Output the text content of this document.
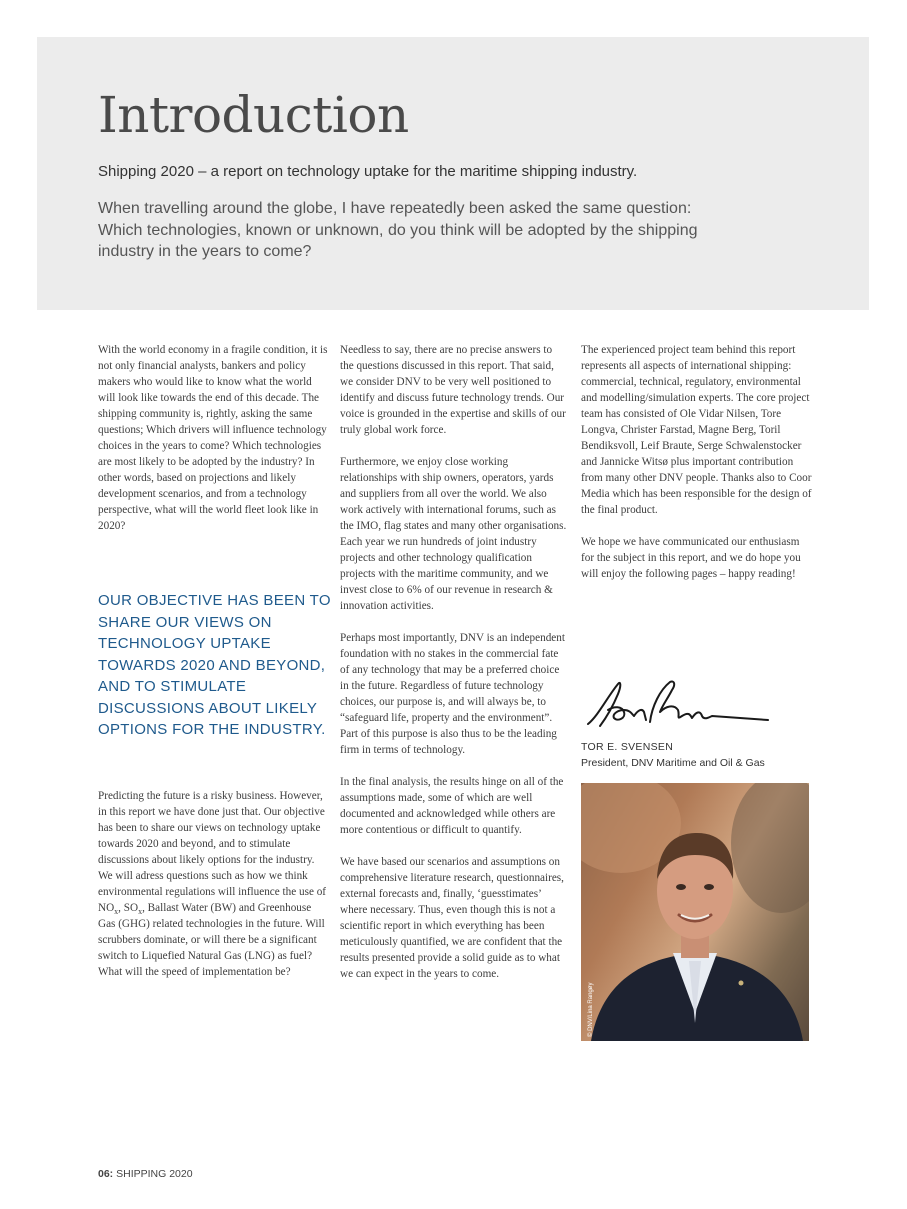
Introduction

Shipping 2020 – a report on technology uptake for the maritime shipping industry.

When travelling around the globe, I have repeatedly been asked the same question: Which technologies, known or unknown, do you think will be adopted by the shipping industry in the years to come?

With the world economy in a fragile condition, it is not only financial analysts, bankers and policy makers who would like to know what the world will look like towards the end of this decade. The shipping community is, rightly, asking the same questions; Which drivers will influence technology choices in the years to come? Which technologies are most likely to be adopted by the industry? In other words, based on projections and likely development scenarios, and from a technology perspective, what will the world fleet look like in 2020?

OUR OBJECTIVE HAS BEEN TO SHARE OUR VIEWS ON TECHNOLOGY UPTAKE TOWARDS 2020 AND BEYOND, AND TO STIMULATE DISCUSSIONS ABOUT LIKELY OPTIONS FOR THE INDUSTRY.

Predicting the future is a risky business. However, in this report we have done just that. Our objective has been to share our views on technology uptake towards 2020 and beyond, and to stimulate discussions about likely options for the industry. We will adress questions such as how we think environmental regulations will influence the use of $NO_x$, $SO_x$, Ballast Water (BW) and Greenhouse Gas (GHG) related technologies in the future. Will scrubbers dominate, or will there be a significant switch to Liquefied Natural Gas (LNG) as fuel? What will the speed of implementation be?

Needless to say, there are no precise answers to the questions discussed in this report. That said, we consider DNV to be very well positioned to identify and discuss future technology trends. Our voice is grounded in the expertise and skills of our truly global work force.

Furthermore, we enjoy close working relationships with ship owners, operators, yards and suppliers from all over the world. We also work actively with international forums, such as the IMO, flag states and many other organisations. Each year we run hundreds of joint industry projects and other technology qualification projects with the maritime community, and we invest close to 6% of our revenue in research & innovation activities.

Perhaps most importantly, DNV is an independent foundation with no stakes in the commercial fate of any technology that may be a preferred choice in the future. Regardless of future technology choices, our purpose is, and will always be, to “safeguard life, property and the environment”. Part of this purpose is also thus to be the leading firm in terms of technology.

In the final analysis, the results hinge on all of the assumptions made, some of which are well documented and acknowledged while others are more contentious or difficult to quantify.

We have based our scenarios and assumptions on comprehensive literature research, questionnaires, external forecasts and, finally, ‘guesstimates’ where necessary. Thus, even though this is not a scientific report in which everything has been meticulously quantified, we are confident that the results presented provide a solid guide as to what we can expect in the years to come.

The experienced project team behind this report represents all aspects of international shipping: commercial, technical, regulatory, environmental and modelling/simulation experts. The core project team has consisted of Ole Vidar Nilsen, Tore Longva, Christer Farstad, Magne Berg, Toril Bendiksvoll, Leif Braute, Serge Schwalenstocker and Jannicke Witsø plus important contribution from many other DNV people. Thanks also to Coor Media which has been responsible for the design of the final product.

We hope we have communicated our enthusiasm for the subject in this report, and we do hope you will enjoy the following pages – happy reading!

TOR E. SVENSEN

President, DNV Maritime and Oil & Gas

© DNV/Lina Rangøy

06: SHIPPING 2020
